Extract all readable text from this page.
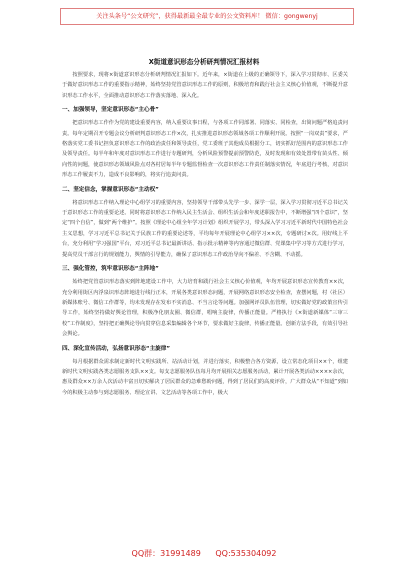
关注头条号“公文研究”，获得最新最全最专业的公文资料库！ 微信：gongwenyj
X街道意识形态分析研判情况汇报材料

按照要求，现将×街道意识形态分析研判情况汇报如下。近年来，×街道在上级的正确领导下，深入学习贯彻市、区委关于做好意识形态工作的重要指示精神，始终坚持党管意识形态工作的原则，积极培育和践行社会主义核心价值观，不断提升意识形态工作水平，全面推动意识形态工作落实落地、深入化。

一、加强领导，坚定意识形态“主心骨”

把意识形态工作作为党的建设重要内容，纳入重要议事日程，与各项工作同部署、同落实、同检查，出简问题严格追责问责。每年定期召开专题会议分析研判意识形态工作×次，扎实推进意识形态领域各项工作顺利开展。按照“一岗双责”要求，严格落实党工委书记担负意识形态工作的政治责任和领导责任，党工委班子其他成员根据分工，切实抓好范围内的意识形态工作及领导责任。每半年和年度对意识形态工作进行专题研判，分析风险预警提前预警防范，及时发现和有效处置带有苗头性、倾向性的问题，使意识形态领域风险点对各村居每半年专题监督检查一次意识形态工作责任制落实情况，年底进行考核，对意识形态工作履责不力，造成不良影响的，将实行追责问责。

二、坚定信念，掌握意识形态“主动权”

将意识形态工作纳入理论中心组学习的重要内容，坚持领导干部带头先学一步、深学一层，深入学习贯彻习近平总书记关于意识形态工作的重要论述。同时将意识形态工作纳入民主生活会、组织生活会和年度述职报告中，不断增强“四个意识”，坚定“四个自信”，做到“两个维护”。按照《理论中心组全年学习计划》组织开展学习，带头深入学习习近平新时代中国特色社会主义思想，学习习近平总书记关于民族工作的重要论述等，平均每年开展理论中心组学习××次，专题研讨×次。用好线上平台，充分利用“学习强国”平台，对习近平总书记最新讲话、指示批示精神等内容通过微信群、党课集中学习等方式进行学习，提高党员干部言行的规划能力，舆情的引导能力，确保了意识形态工作政治导向不偏差、不含糊、不动摇。

三、强化管控，筑牢意识形态“主阵地”

始终把党管意识形态落实到阵地建设工作中，大力培育和践行社会主义核心价值观，年均开展意识形态宣传教育××次，充分利用街区内浮泉识形态阵地进行线行正本，开展各类意识形态问题，开展网络意识形态安全检查，查摆问题，村（社区）新媒体账号、微信工作群等，均未发现存在发布不实消息、不当言论等问题。加强网评员队伍管理，切实做好党的政策宣传引导工作，始终坚持做好舆论管理，积极净化朋友圈、微信群，唱响主旋律，传播正能量。严格执行《×街道新媒体“三审三校”工作制度》，坚持把正确舆论导向贯穿信息采集编辑各个环节，要求做好主旋律，传播正能量。创新方法手段，有效引导社会舆论。

四、深化宣传活动，弘扬意识形态“主旋律”

每月根据群众需求制定新时代文明实践所、站活动计划，并进行落实，积极整合各方资源，设立常态化项目××个，组建新时代文明实践各类志愿服务支队××支。每支志愿服务队伍每月均开展相关志愿服务活动，累计开展各类活动××××余次，惠及群众××万余人次活动丰富且切实解决了居民群众的急难愁盼问题，得到了居民们的高度评价，广大群众从“不知道”到如今的积极主动参与到志愿服务、理论宣讲、文艺活动等各项工作中，极大

QQ群：31991489 QQ:535304092
